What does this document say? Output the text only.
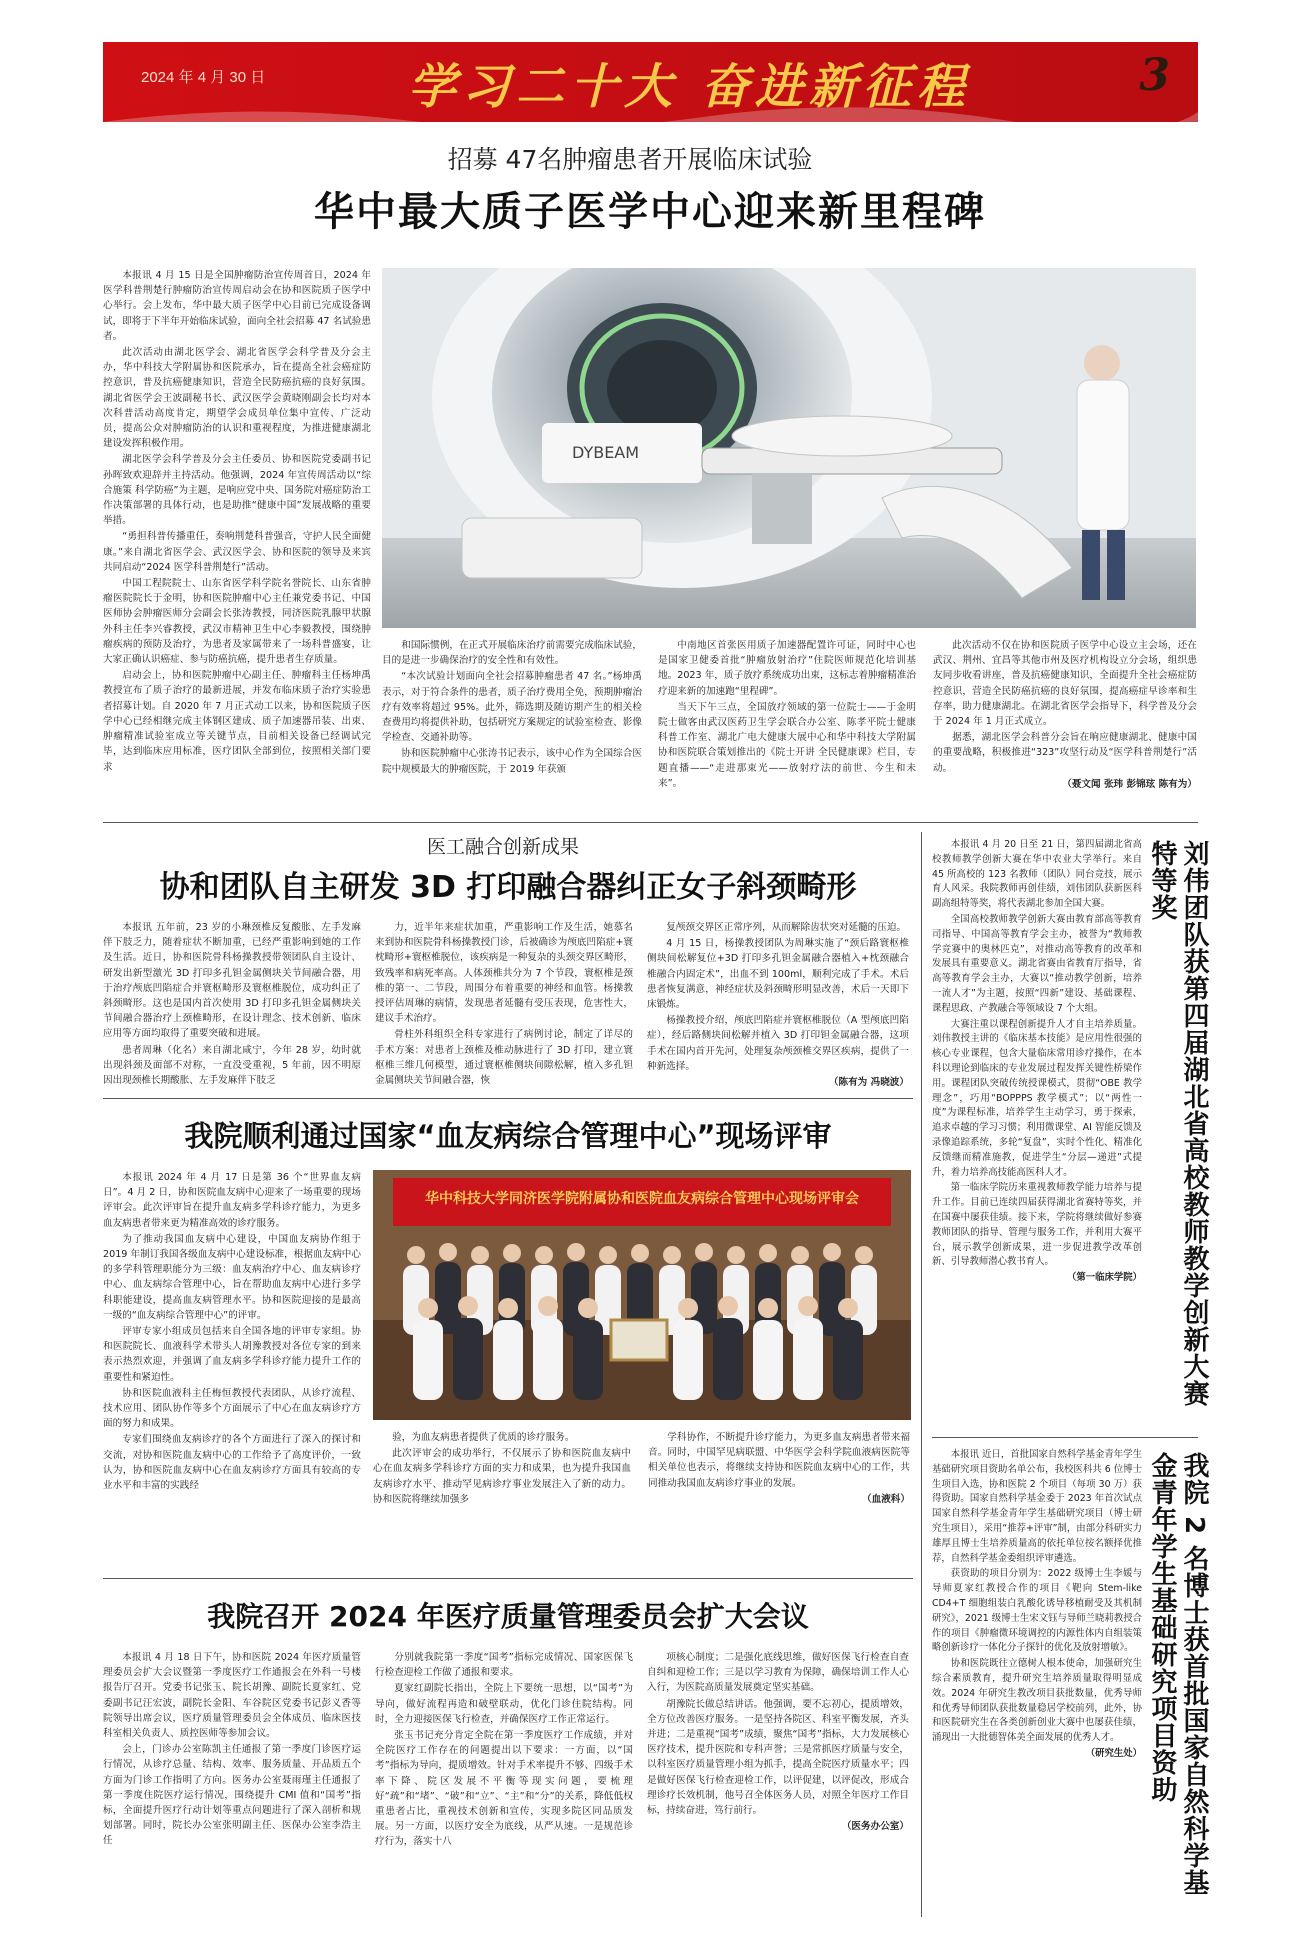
2024 年 4 月 30 日	学习二十大 奋进新征程	3
招募 47名肿瘤患者开展临床试验
华中最大质子医学中心迎来新里程碑

本报讯 4 月 15 日是全国肿瘤防治宣传周首日，2024 年医学科普荆楚行肿瘤防治宣传周启动会在协和医院质子医学中心举行。会上发布，华中最大质子医学中心目前已完成设备调试，即将于下半年开始临床试验，面向全社会招募 47 名试验患者。

此次活动由湖北医学会、湖北省医学会科学普及分会主办，华中科技大学附属协和医院承办，旨在提高全社会癌症防控意识，普及抗癌健康知识，营造全民防癌抗癌的良好氛围。湖北省医学会王波副秘书长、武汉医学会黄晓刚副会长均对本次科普活动高度肯定，期望学会成员单位集中宣传、广泛动员，提高公众对肿瘤防治的认识和重视程度，为推进健康湖北建设发挥积极作用。

湖北医学会科学普及分会主任委员、协和医院党委副书记孙晖致欢迎辞并主持活动。他强调，2024 年宣传周活动以“综合施策 科学防癌”为主题，是响应党中央、国务院对癌症防治工作决策部署的具体行动，也是助推“健康中国”发展战略的重要举措。

“勇担科普传播重任，奏响荆楚科普强音，守护人民全面健康。”来自湖北省医学会、武汉医学会、协和医院的领导及来宾共同启动“2024 医学科普荆楚行”活动。

中国工程院院士、山东省医学科学院名誉院长、山东省肿瘤医院院长于金明，协和医院肿瘤中心主任兼党委书记、中国医师协会肿瘤医师分会副会长张涛教授，同济医院乳腺甲状腺外科主任李兴睿教授，武汉市精神卫生中心李毅教授，围绕肿瘤疾病的预防及治疗，为患者及家属带来了一场科普盛宴，让大家正确认识癌症、参与防癌抗癌，提升患者生存质量。

启动会上，协和医院肿瘤中心副主任、肿瘤科主任杨坤禹教授宣布了质子治疗的最新进展，并发布临床质子治疗实验患者招募计划。自 2020 年 7 月正式动工以来，协和医院质子医学中心已经相继完成主体钢区建成、质子加速器吊装、出束、肿瘤精准试验室成立等关键节点，目前相关设备已经调试完毕，达到临床应用标准，医疗团队全部到位，按照相关部门要求

DYBEAM

和国际惯例，在正式开展临床治疗前需要完成临床试验，目的是进一步确保治疗的安全性和有效性。

“本次试验计划面向全社会招募肿瘤患者 47 名。”杨坤禹表示，对于符合条件的患者，质子治疗费用全免，预期肿瘤治疗有效率将超过 95%。此外，筛选期及随访期产生的相关检查费用均将提供补助，包括研究方案规定的试验室检查、影像学检查、交通补助等。

协和医院肿瘤中心张涛书记表示，该中心作为全国综合医院中规模最大的肿瘤医院，于 2019 年获颁

中南地区首张医用质子加速器配置许可证，同时中心也是国家卫健委首批“肿瘤放射治疗”住院医师规范化培训基地。2023 年，质子放疗系统成功出束，这标志着肿瘤精准治疗迎来新的加速跑“里程碑”。

当天下午三点，全国放疗领域的第一位院士——于金明院士做客由武汉医药卫生学会联合办公室、陈孝平院士健康科普工作室、湖北广电大健康大展中心和华中科技大学附属协和医院联合策划推出的《院士开讲 全民健康课》栏目，专题直播——“走进那束光——放射疗法的前世、今生和未来”。

此次活动不仅在协和医院质子医学中心设立主会场，还在武汉、荆州、宜昌等其他市州及医疗机构设立分会场，组织患友同步收看讲座，普及抗癌健康知识，全面提升全社会癌症防控意识，营造全民防癌抗癌的良好氛围，提高癌症早诊率和生存率，助力健康湖北。在湖北省医学会指导下，科学普及分会于 2024 年 1 月正式成立。

据悉，湖北医学会科普分会旨在响应健康湖北、健康中国的重要战略，积极推进“323”攻坚行动及“医学科普荆楚行”活动。

（聂文闻 张玮 彭锦玹 陈有为）

医工融合创新成果
协和团队自主研发 3D 打印融合器纠正女子斜颈畸形

本报讯 五年前，23 岁的小琳颈椎反复酸胀、左手发麻伴下肢乏力，随着症状不断加重，已经严重影响到她的工作及生活。近日，协和医院骨科杨操教授带领团队自主设计、研发出新型激光 3D 打印多孔钽金属侧块关节间融合器，用于治疗颅底凹陷症合并寰枢畸形及寰枢椎脱位，成功纠正了斜颈畸形。这也是国内首次使用 3D 打印多孔钽金属侧块关节间融合器治疗上颈椎畸形，在设计理念、技术创新、临床应用等方面均取得了重要突破和进展。

患者周琳（化名）来自湖北咸宁，今年 28 岁，幼时就出现斜颈及面部不对称，一直没受重视，5 年前，因不明原因出现颈椎长期酸胀、左手发麻伴下肢乏

力，近半年来症状加重，严重影响工作及生活，她慕名来到协和医院骨科杨操教授门诊，后被确诊为颅底凹陷症+寰枕畸形+寰枢椎脱位，该疾病是一种复杂的头颈交界区畸形，致残率和病死率高。人体颈椎共分为 7 个节段，寰枢椎是颈椎的第一、二节段，周围分布着重要的神经和血管。杨操教授评估周琳的病情，发现患者延髓有受压表现，危害性大，建议手术治疗。

骨柱外科组织全科专家进行了病例讨论，制定了详尽的手术方案：对患者上颈椎及椎动脉进行了 3D 打印，建立寰枢椎三维几何模型，通过寰枢椎侧块间隙松解，植入多孔钽金属侧块关节间融合器，恢

复颅颈交界区正常序列，从而解除齿状突对延髓的压迫。

4 月 15 日，杨操教授团队为周琳实施了“颈后路寰枢椎侧块间松解复位+3D 打印多孔钽金属融合器植入+枕颈融合椎融合内固定术”，出血不到 100ml，顺利完成了手术。术后患者恢复满意，神经症状及斜颈畸形明显改善，术后一天即下床锻炼。

杨操教授介绍，颅底凹陷症并寰枢椎脱位（A 型颅底凹陷症），经后路侧块间松解并植入 3D 打印钽金属融合器，这项手术在国内首开先河，处理复杂颅颈椎交界区疾病，提供了一种新选择。

（陈有为 冯晓波）

我院顺利通过国家“血友病综合管理中心”现场评审

本报讯 2024 年 4 月 17 日是第 36 个“世界血友病日”。4 月 2 日，协和医院血友病中心迎来了一场重要的现场评审会。此次评审旨在提升血友病多学科诊疗能力，为更多血友病患者带来更为精准高效的诊疗服务。

为了推动我国血友病中心建设，中国血友病协作组于 2019 年制订我国各级血友病中心建设标准，根据血友病中心的多学科管理职能分为三级：血友病治疗中心、血友病诊疗中心、血友病综合管理中心，旨在帮助血友病中心进行多学科职能建设，提高血友病管理水平。协和医院迎接的是最高一级的“血友病综合管理中心”的评审。

评审专家小组成员包括来自全国各地的评审专家组。协和医院院长、血液科学术带头人胡豫教授对各位专家的到来表示热烈欢迎，并强调了血友病多学科诊疗能力提升工作的重要性和紧迫性。

协和医院血液科主任梅恒教授代表团队，从诊疗流程、技术应用、团队协作等多个方面展示了中心在血友病诊疗方面的努力和成果。

专家们围绕血友病诊疗的各个方面进行了深入的探讨和交流，对协和医院血友病中心的工作给予了高度评价，一致认为，协和医院血友病中心在血友病诊疗方面具有较高的专业水平和丰富的实践经

华中科技大学同济医学院附属协和医院血友病综合管理中心现场评审会

验，为血友病患者提供了优质的诊疗服务。

此次评审会的成功举行，不仅展示了协和医院血友病中心在血友病多学科诊疗方面的实力和成果，也为提升我国血友病诊疗水平、推动罕见病诊疗事业发展注入了新的动力。协和医院将继续加强多

学科协作，不断提升诊疗能力，为更多血友病患者带来福音。同时，中国罕见病联盟、中华医学会科学院血液病医院等相关单位也表示，将继续支持协和医院血友病中心的工作，共同推动我国血友病诊疗事业的发展。

（血液科）

我院召开 2024 年医疗质量管理委员会扩大会议

本报讯 4 月 18 日下午，协和医院 2024 年医疗质量管理委员会扩大会议暨第一季度医疗工作通报会在外科一号楼报告厅召开。党委书记张玉、院长胡豫、副院长夏家红、党委副书记汪宏波，副院长金阳、车谷院区党委书记彭义香等院领导出席会议，医疗质量管理委员会全体成员、临床医技科室相关负责人、质控医师等参加会议。

会上，门诊办公室陈凯主任通报了第一季度门诊医疗运行情况，从诊疗总量、结构、效率、服务质量、开品质五个方面为门诊工作指明了方向。医务办公室聂雨瑾主任通报了第一季度住院医疗运行情况，围绕提升 CMI 值和“国考”指标，全面提升医疗行动计划等重点问题进行了深入剖析和规划部署。同时，院长办公室张明副主任、医保办公室李浩主任

分别就我院第一季度“国考”指标完成情况、国家医保飞行检查迎检工作做了通报和要求。

夏家红副院长指出，全院上下要统一思想，以“国考”为导向，做好流程再造和破壁联动，优化门诊住院结构。同时，全力迎接医保飞行检查，并确保医疗工作正常运行。

张玉书记充分肯定全院在第一季度医疗工作成绩，并对全院医疗工作存在的问题提出以下要求：一方面，以“国考”指标为导向，提质增效。针对手术率提升不够、四级手术率下降、院区发展不平衡等现实问题，要梳理好“疏”和“堵”、“破”和“立”、“主”和“分”的关系，降低低权重患者占比，重视技术创新和宣传，实现多院区同品质发展。另一方面，以医疗安全为底线，从严从速。一是规范诊疗行为，落实十八

项核心制度；二是强化底线思维，做好医保飞行检查自查自纠和迎检工作；三是以学习教育为保障，确保培训工作人心入行，为医院高质量发展奠定坚实基础。

胡豫院长做总结讲话。他强调，要不忘初心，提质增效，全方位改善医疗服务。一是坚持各院区、科室平衡发展，齐头并进；二是重视“国考”成绩，聚焦“国考”指标，大力发展核心医疗技术，提升医院和专科声誉；三是常抓医疗质量与安全，以科室医疗质量管理小组为抓手，提高全院医疗质量水平；四是做好医保飞行检查迎检工作，以评促建，以评促改，形成合理诊疗长效机制，他号召全体医务人员，对照全年医疗工作目标，持续奋进，笃行前行。

（医务办公室）

本报讯 4 月 20 日至 21 日，第四届湖北省高校教师教学创新大赛在华中农业大学举行。来自 45 所高校的 123 名教师（团队）同台竞技，展示育人风采。我院教师再创佳绩，刘伟团队获新医科副高组特等奖，将代表湖北参加全国大赛。

全国高校教师教学创新大赛由教育部高等教育司指导、中国高等教育学会主办，被誉为“教师教学竞赛中的奥林匹克”，对推动高等教育的改革和发展具有重要意义。湖北省赛由省教育厅指导，省高等教育学会主办，大赛以“推动教学创新，培养一流人才”为主题，按照“四新”建设、基础课程、课程思政、产教融合等领域设 7 个大组。

大赛注重以课程创新提升人才自主培养质量。刘伟教授主讲的《临床基本技能》是应用性很强的核心专业课程，包含大量临床常用诊疗操作，在本科以理论到临床的专业发展过程发挥关键性桥梁作用。课程团队突破传统授课模式，贯彻“OBE 教学理念”，巧用“BOPPPS 教学模式”；以“两性一度”为课程标准，培养学生主动学习，勇于探索，追求卓越的学习习惯；利用微课堂、AI 智能反馈及录像追踪系统，多轮“复盘”，实时个性化、精准化反馈继而精准施教，促进学生“分层—递进”式提升，着力培养高技能高医科人才。

第一临床学院历来重视教师教学能力培养与提升工作。目前已连续四届获得湖北省赛特等奖，并在国赛中屡获佳绩。接下来，学院将继续做好参赛教师团队的指导、管理与服务工作，并利用大赛平台，展示教学创新成果，进一步促进教学改革创新、引导教师潜心教书育人。

（第一临床学院）	刘伟团队获第四届湖北省高校教师教学创新大赛特等奖

本报讯 近日，首批国家自然科学基金青年学生基础研究项目资助名单公布，我校医科共 6 位博士生项目入选，协和医院 2 个项目（每项 30 万）获得资助。国家自然科学基金委于 2023 年首次试点国家自然科学基金青年学生基础研究项目（博士研究生项目），采用“推荐+评审”制，由部分科研实力雄厚且博士生培养质量高的依托单位按名额择优推荐，自然科学基金委组织评审遴选。

获资助的项目分别为：2022 级博士生李媛与导师夏家红教授合作的项目《靶向 Stem-like CD4+T 细胞组装白乳酸化诱导移植耐受及其机制研究》，2021 级博士生宋文钰与导师兰晓莉教授合作的项目《肿瘤微环境调控的内源性体内自组装策略创新诊疗一体化分子探针的优化及放射增敏》。

协和医院既往立德树人根本使命，加强研究生综合素质教育，提升研究生培养质量取得明显成效。2024 年研究生教改项目获批数量，优秀导师和优秀导师团队获批数量稳居学校前列，此外，协和医院研究生在各类创新创业大赛中也屡获佳绩，涌现出一大批德智体美全面发展的优秀人才。

（研究生处）	我院 2 名博士获首批国家自然科学基金青年学生基础研究项目资助
